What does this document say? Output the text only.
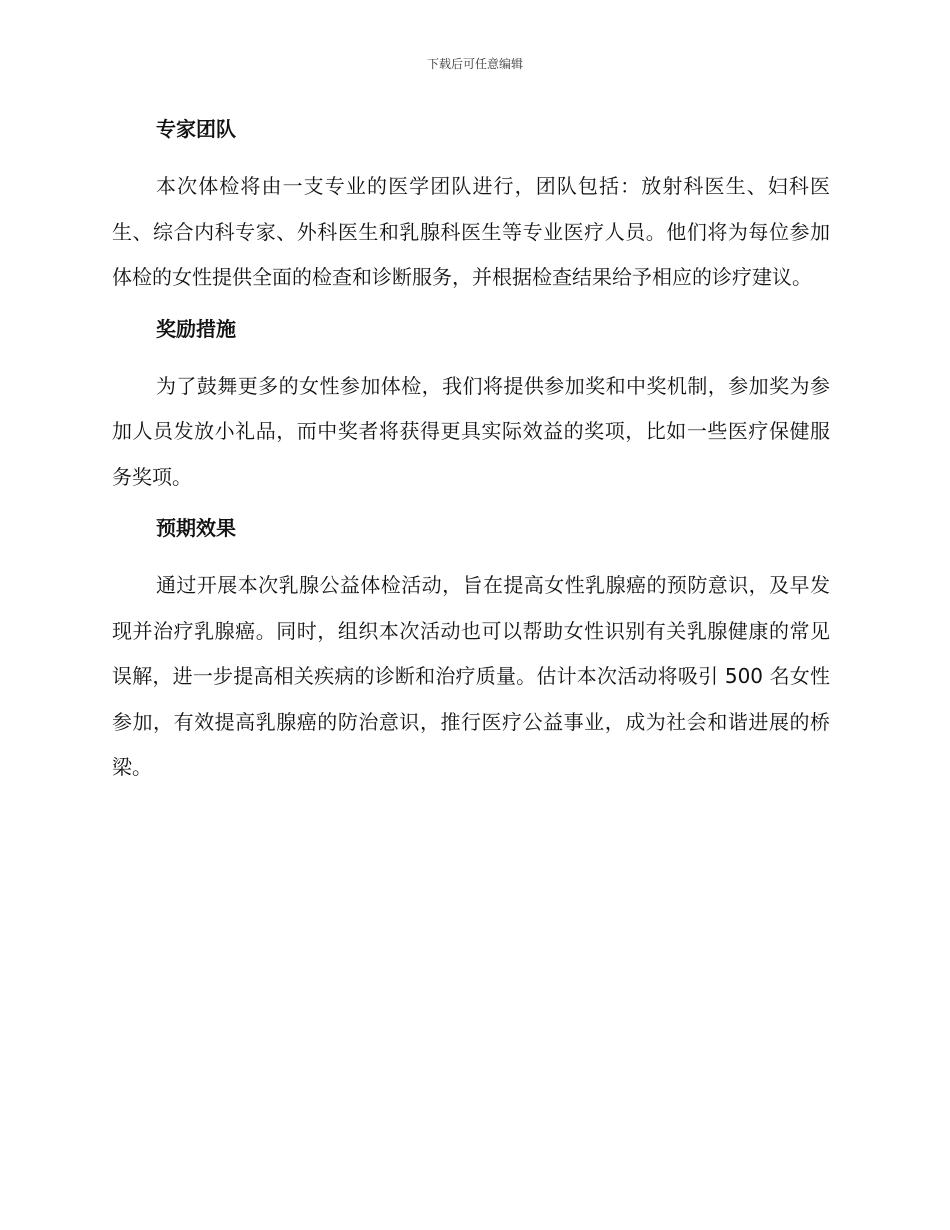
下载后可任意编辑
专家团队

本次体检将由一支专业的医学团队进行，团队包括：放射科医生、妇科医生、综合内科专家、外科医生和乳腺科医生等专业医疗人员。他们将为每位参加体检的女性提供全面的检查和诊断服务，并根据检查结果给予相应的诊疗建议。

奖励措施

为了鼓舞更多的女性参加体检，我们将提供参加奖和中奖机制，参加奖为参加人员发放小礼品，而中奖者将获得更具实际效益的奖项，比如一些医疗保健服务奖项。

预期效果

通过开展本次乳腺公益体检活动，旨在提高女性乳腺癌的预防意识，及早发现并治疗乳腺癌。同时，组织本次活动也可以帮助女性识别有关乳腺健康的常见误解，进一步提高相关疾病的诊断和治疗质量。估计本次活动将吸引 500 名女性参加，有效提高乳腺癌的防治意识，推行医疗公益事业，成为社会和谐进展的桥梁。
